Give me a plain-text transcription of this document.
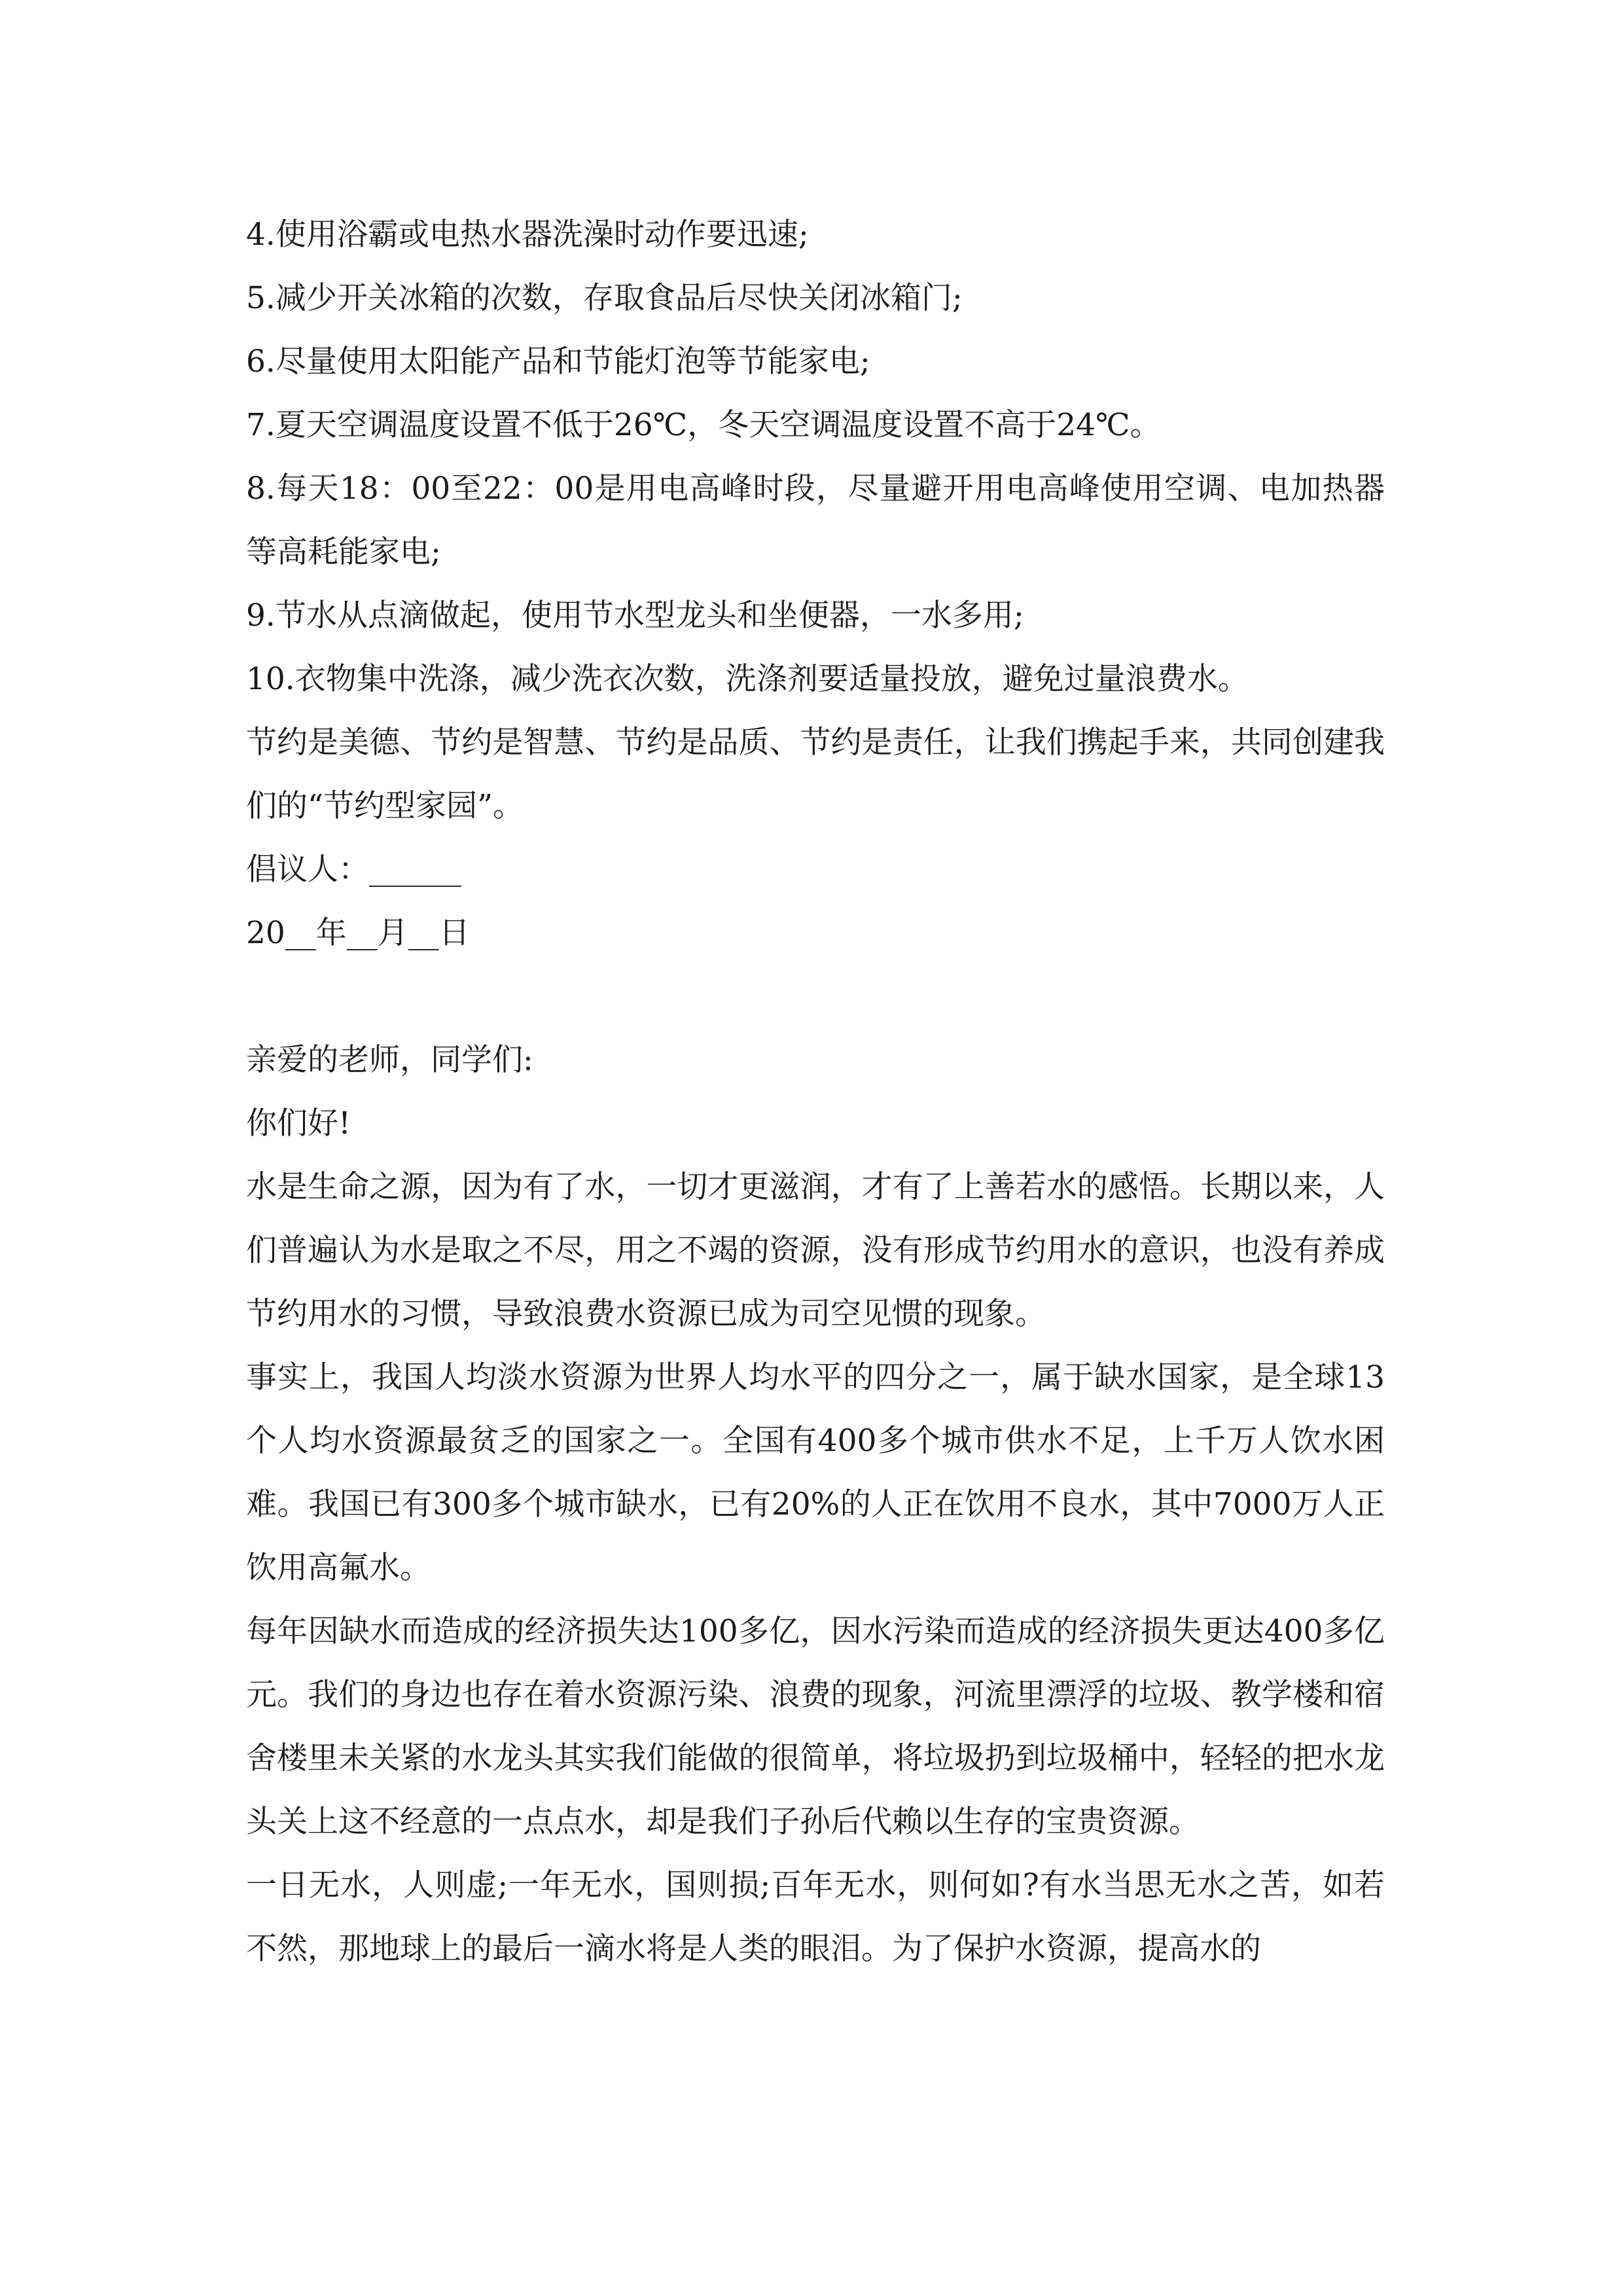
4.使用浴霸或电热水器洗澡时动作要迅速;

5.减少开关冰箱的次数，存取食品后尽快关闭冰箱门;

6.尽量使用太阳能产品和节能灯泡等节能家电;

7.夏天空调温度设置不低于26℃，冬天空调温度设置不高于24℃。

8.每天18：00至22：00是用电高峰时段，尽量避开用电高峰使用空调、电加热器等高耗能家电;

9.节水从点滴做起，使用节水型龙头和坐便器，一水多用;

10.衣物集中洗涤，减少洗衣次数，洗涤剂要适量投放，避免过量浪费水。

节约是美德、节约是智慧、节约是品质、节约是责任，让我们携起手来，共同创建我们的“节约型家园”。

倡议人：______

20__年__月__日

亲爱的老师，同学们:

你们好!

水是生命之源，因为有了水，一切才更滋润，才有了上善若水的感悟。长期以来，人们普遍认为水是取之不尽，用之不竭的资源，没有形成节约用水的意识，也没有养成节约用水的习惯，导致浪费水资源已成为司空见惯的现象。

事实上，我国人均淡水资源为世界人均水平的四分之一，属于缺水国家，是全球13个人均水资源最贫乏的国家之一。全国有400多个城市供水不足，上千万人饮水困难。我国已有300多个城市缺水，已有20%的人正在饮用不良水，其中7000万人正饮用高氟水。

每年因缺水而造成的经济损失达100多亿，因水污染而造成的经济损失更达400多亿元。我们的身边也存在着水资源污染、浪费的现象，河流里漂浮的垃圾、教学楼和宿舍楼里未关紧的水龙头其实我们能做的很简单，将垃圾扔到垃圾桶中，轻轻的把水龙头关上这不经意的一点点水，却是我们子孙后代赖以生存的宝贵资源。

一日无水，人则虚;一年无水，国则损;百年无水，则何如?有水当思无水之苦，如若不然，那地球上的最后一滴水将是人类的眼泪。为了保护水资源，提高水的
